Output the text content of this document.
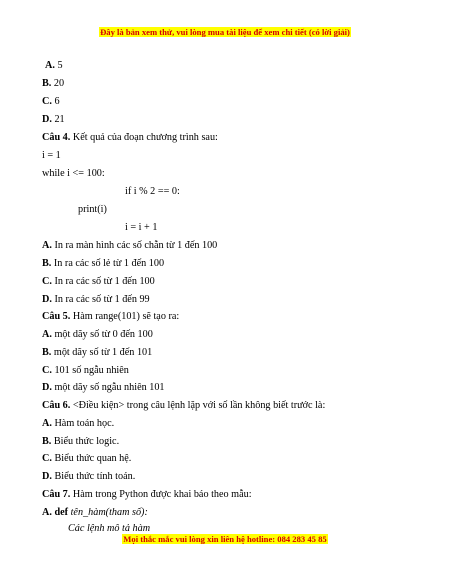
Đây là bản xem thử, vui lòng mua tài liệu để xem chi tiết (có lời giải)
A. 5
B. 20
C. 6
D. 21
Câu 4. Kết quả của đoạn chương trình sau:
i = 1
while i <= 100:
if i % 2 == 0:
print(i)
i = i + 1
A. In ra màn hình các số chẵn từ 1 đến 100
B. In ra các số lẻ từ 1 đến 100
C. In ra các số từ 1 đến 100
D. In ra các số từ 1 đến 99
Câu 5. Hàm range(101) sẽ tạo ra:
A. một dãy số từ 0 đến 100
B. một dãy số từ 1 đến 101
C. 101 số ngẫu nhiên
D. một dãy số ngẫu nhiên 101
Câu 6. <Điều kiện> trong câu lệnh lặp với số lần không biết trước là:
A. Hàm toán học.
B. Biểu thức logic.
C. Biểu thức quan hệ.
D. Biểu thức tính toán.
Câu 7. Hàm trong Python được khai báo theo mẫu:
A. def tên_hàm(tham số):
Các lệnh mô tả hàm
Mọi thắc mắc vui lòng xin liên hệ hotline: 084 283 45 85
